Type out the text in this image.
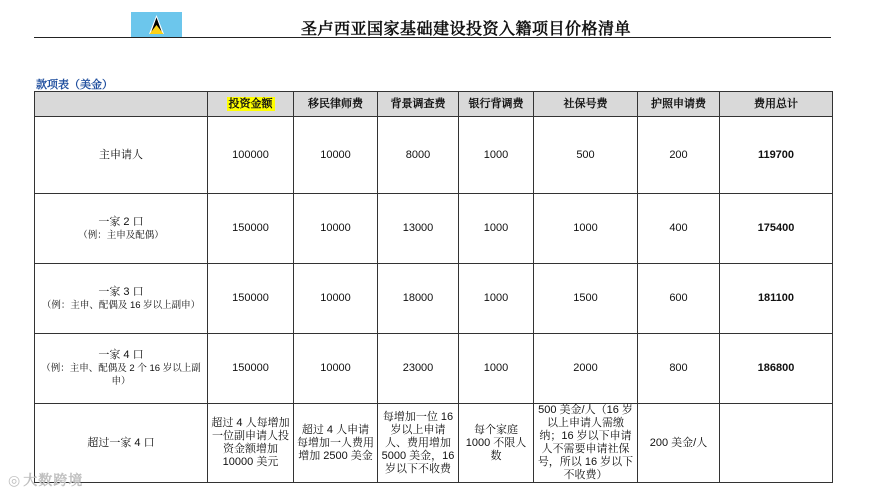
圣卢西亚国家基础建设投资入籍项目价格清单
款项表（美金）
	投资金额	移民律师费	背景调查费	银行背调费	社保号费	护照申请费	费用总计
主申请人	100000	10000	8000	1000	500	200	119700
一家 2 口
（例：主申及配偶）	150000	10000	13000	1000	1000	400	175400
一家 3 口
（例：主申、配偶及 16 岁以上副申）	150000	10000	18000	1000	1500	600	181100
一家 4 口
（例：主申、配偶及 2 个 16 岁以上副申）	150000	10000	23000	1000	2000	800	186800
超过一家 4 口	超过 4 人每增加一位副申请人投资金额增加 10000 美元	超过 4 人申请每增加一人费用增加 2500 美金	每增加一位 16 岁以上申请人、费用增加 5000 美金，16 岁以下不收费	每个家庭 1000 不限人数	500 美金/人（16 岁以上申请人需缴纳；16 岁以下申请人不需要申请社保号，所以 16 岁以下不收费）	200 美金/人	
◎ 大数跨境
